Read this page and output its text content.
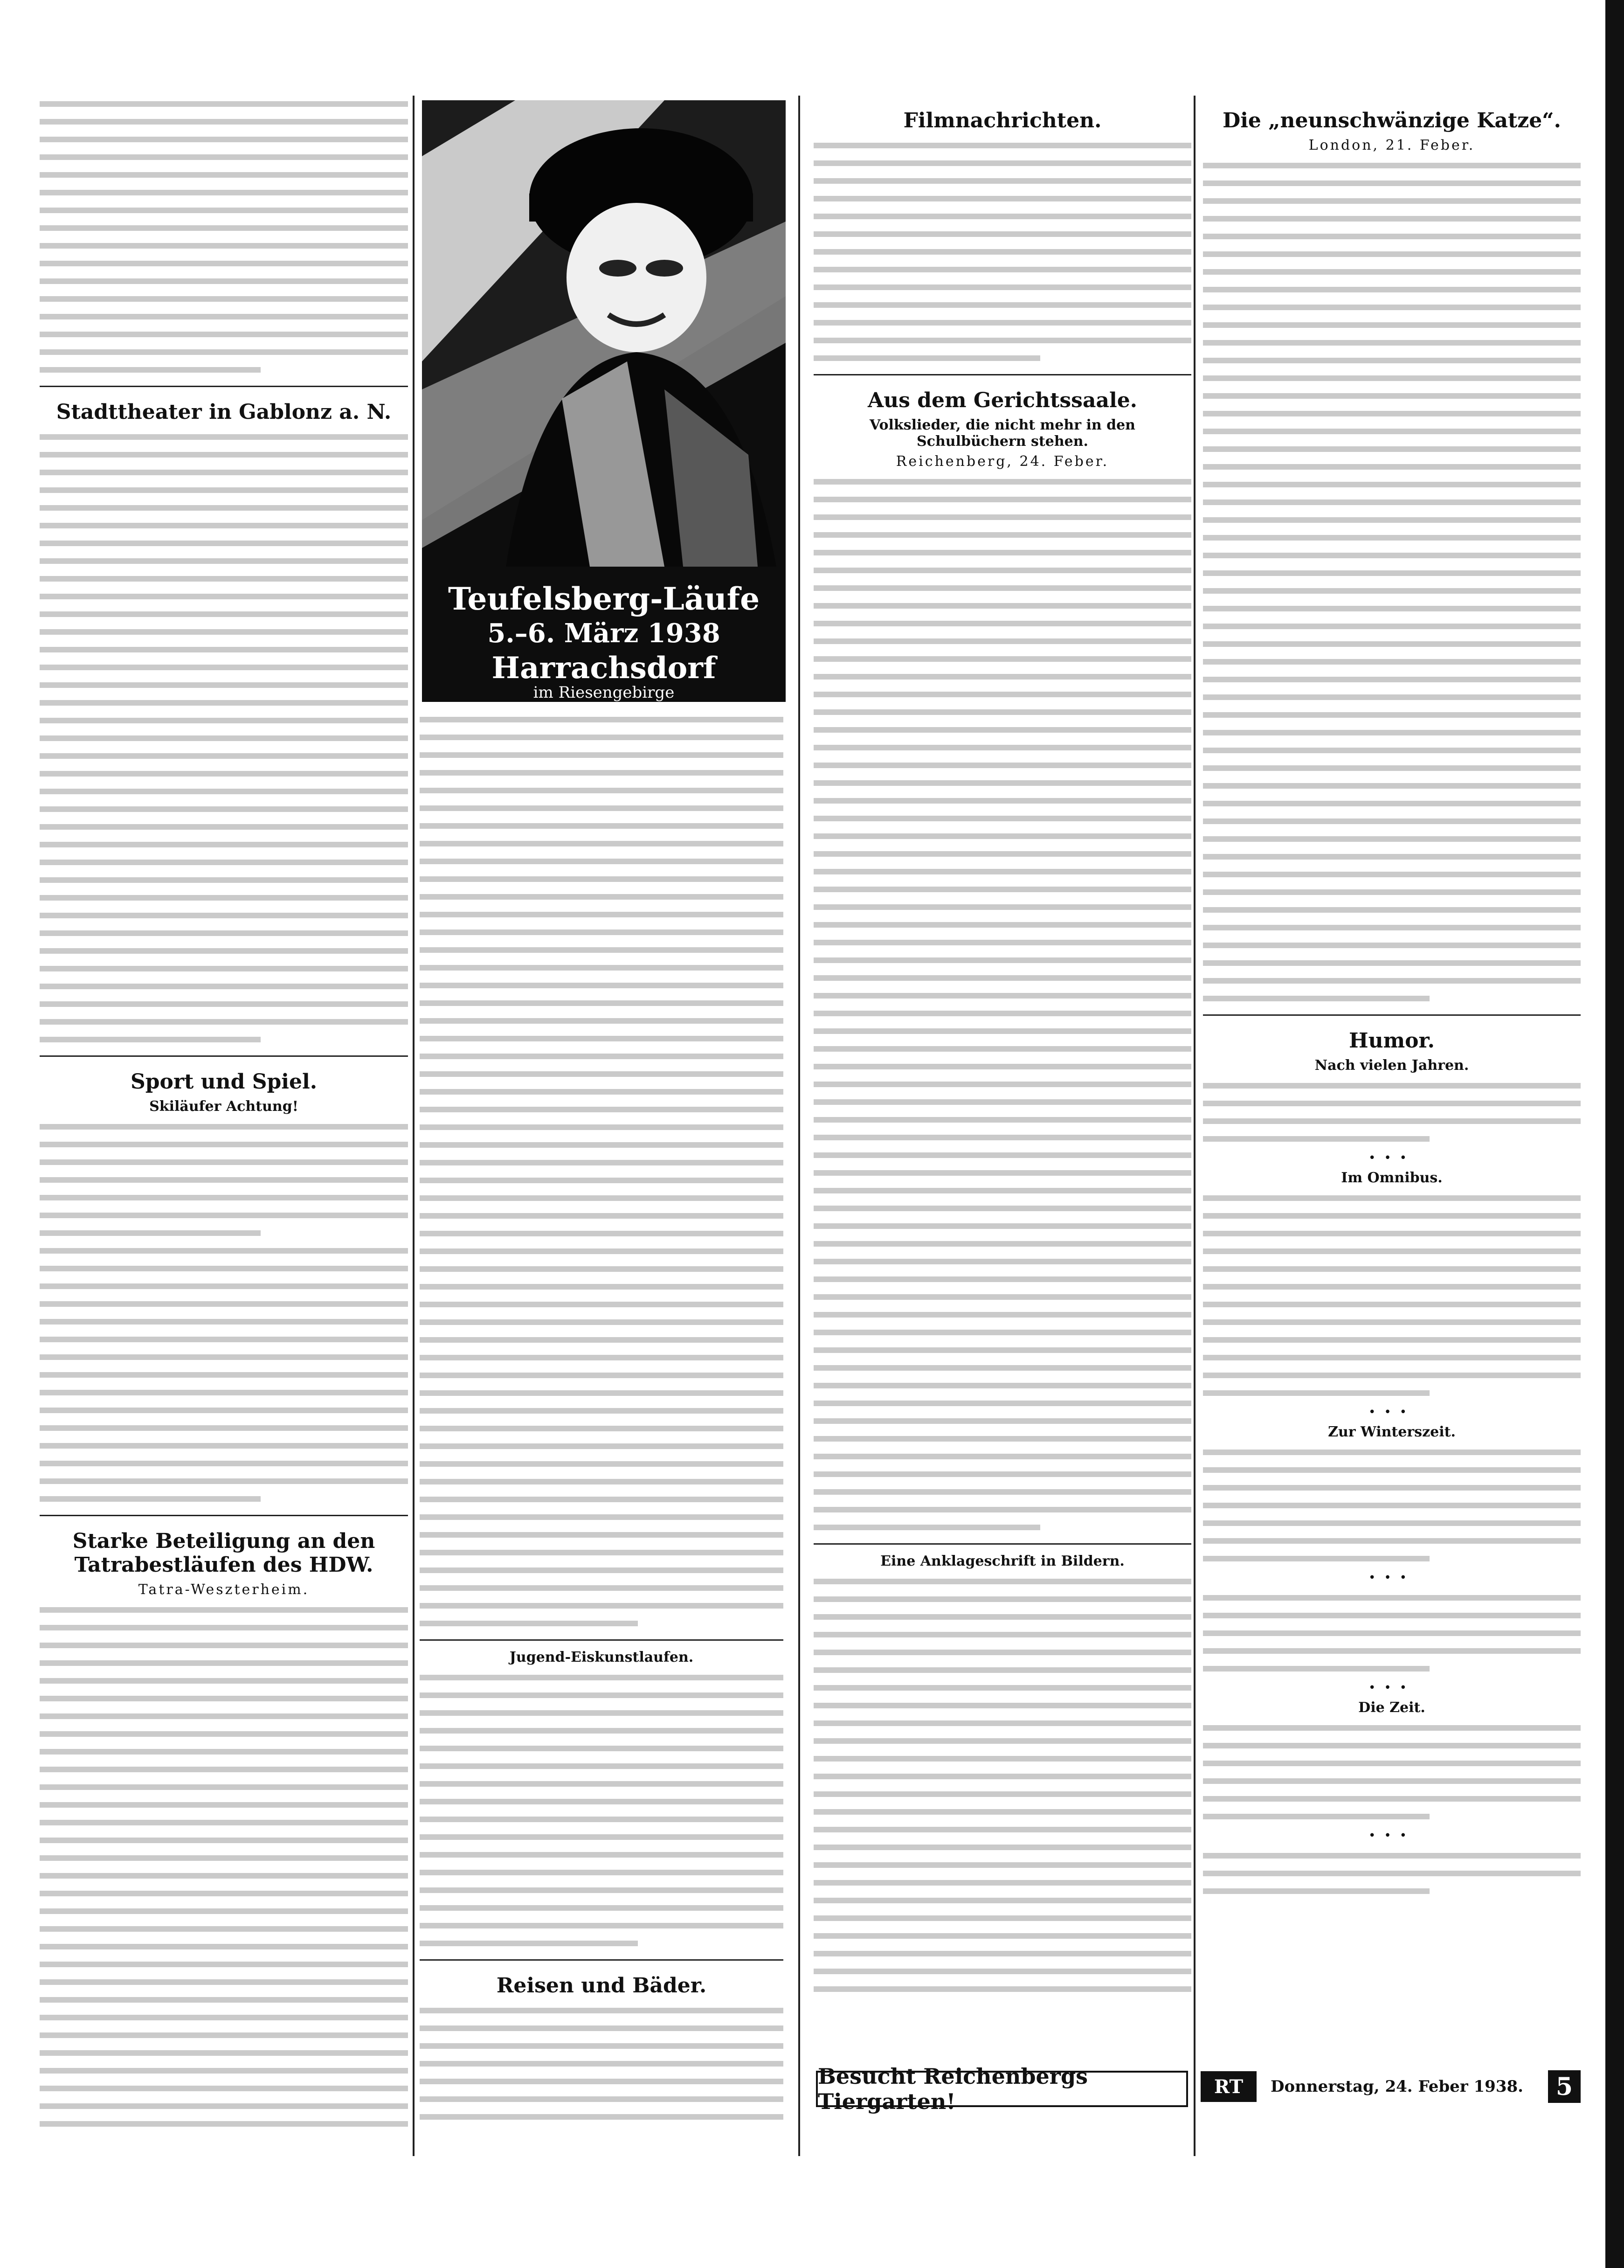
Stadttheater in Gablonz a. N.
Sport und Spiel.
Skiläufer Achtung!
Starke Beteiligung an den Tatrabestläufen des HDW.
Tatra-Weszterheim.
Teufelsberg-Läufe
5.–6. März 1938
Harrachsdorf
im Riesengebirge
Jugend-Eiskunstlaufen.
Reisen und Bäder.
Filmnachrichten.
Aus dem Gerichtssaale.
Volkslieder, die nicht mehr in den Schulbüchern stehen.
Reichenberg, 24. Feber.
Eine Anklageschrift in Bildern.
Besucht Reichenbergs Tiergarten!
Die „neunschwänzige Katze“.
London, 21. Feber.
Humor.
Nach vielen Jahren.
•••
Im Omnibus.
•••
Zur Winterszeit.
•••
•••
Die Zeit.
•••
RT	Donnerstag, 24. Feber 1938.	5
